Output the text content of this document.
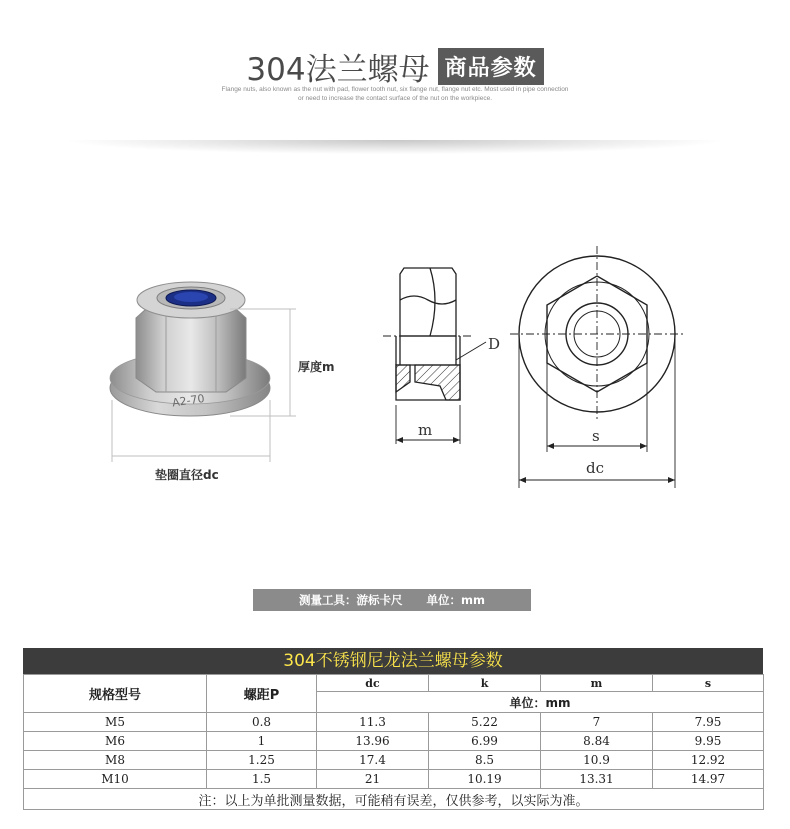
304法兰螺母 商品参数
Flange nuts, also known as the nut with pad, flower tooth nut, six flange nut, flange nut etc. Most used in pipe connection
or need to increase the contact surface of the nut on the workpiece.
A2-70
厚度m
垫圈直径dc
D
m	s
dc
测量工具：游标卡尺      单位：mm
304不锈钢尼龙法兰螺母参数
规格型号	螺距P	dc	k	m	s
		单位：mm			
M5	0.8	11.3	5.22	7	7.95
M6	1	13.96	6.99	8.84	9.95
M8	1.25	17.4	8.5	10.9	12.92
M10	1.5	21	10.19	13.31	14.97
注：以上为单批测量数据，可能稍有误差，仅供参考，以实际为准。					
